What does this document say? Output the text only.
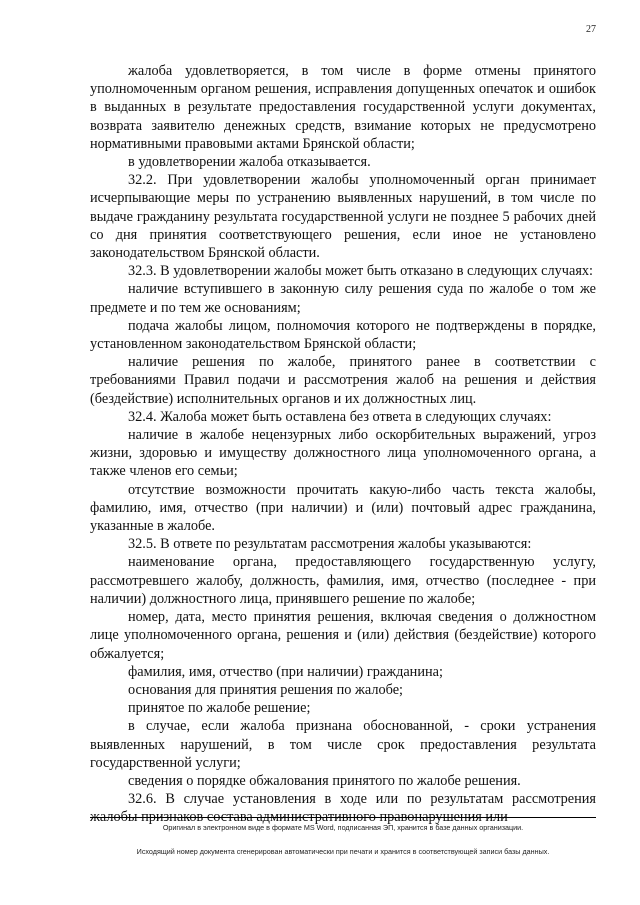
27

жалоба удовлетворяется, в том числе в форме отмены принятого уполномоченным органом решения, исправления допущенных опечаток и ошибок в выданных в результате предоставления государственной услуги документах, возврата заявителю денежных средств, взимание которых не предусмотрено нормативными правовыми актами Брянской области;

в удовлетворении жалоба отказывается.

32.2. При удовлетворении жалобы уполномоченный орган принимает исчерпывающие меры по устранению выявленных нарушений, в том числе по выдаче гражданину результата государственной услуги не позднее 5 рабочих дней со дня принятия соответствующего решения, если иное не установлено законодательством Брянской области.

32.3. В удовлетворении жалобы может быть отказано в следующих случаях:

наличие вступившего в законную силу решения суда по жалобе о том же предмете и по тем же основаниям;

подача жалобы лицом, полномочия которого не подтверждены в порядке, установленном законодательством Брянской области;

наличие решения по жалобе, принятого ранее в соответствии с требованиями Правил подачи и рассмотрения жалоб на решения и действия (бездействие) исполнительных органов и их должностных лиц.

32.4. Жалоба может быть оставлена без ответа в следующих случаях:

наличие в жалобе нецензурных либо оскорбительных выражений, угроз жизни, здоровью и имуществу должностного лица уполномоченного органа, а также членов его семьи;

отсутствие возможности прочитать какую-либо часть текста жалобы, фамилию, имя, отчество (при наличии) и (или) почтовый адрес гражданина, указанные в жалобе.

32.5. В ответе по результатам рассмотрения жалобы указываются:

наименование органа, предоставляющего государственную услугу, рассмотревшего жалобу, должность, фамилия, имя, отчество (последнее - при наличии) должностного лица, принявшего решение по жалобе;

номер, дата, место принятия решения, включая сведения о должностном лице уполномоченного органа, решения и (или) действия (бездействие) которого обжалуется;

фамилия, имя, отчество (при наличии) гражданина;

основания для принятия решения по жалобе;

принятое по жалобе решение;

в случае, если жалоба признана обоснованной, - сроки устранения выявленных нарушений, в том числе срок предоставления результата государственной услуги;

сведения о порядке обжалования принятого по жалобе решения.

32.6. В случае установления в ходе или по результатам рассмотрения жалобы признаков состава административного правонарушения или

Оригинал в электронном виде в формате MS Word, подписанная ЭП, хранится в базе данных организации.
Исходящий номер документа сгенерирован автоматически при печати и хранится в соответствующей записи базы данных.
